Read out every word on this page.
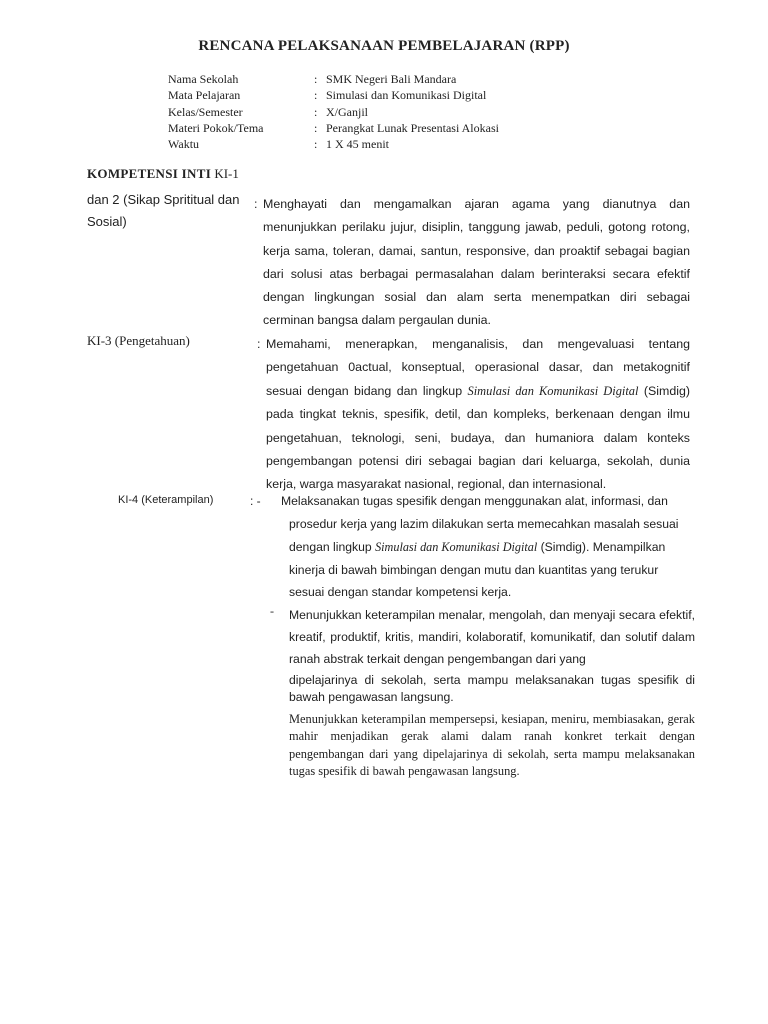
RENCANA PELAKSANAAN PEMBELAJARAN (RPP)
Nama Sekolah	: SMK Negeri Bali Mandara
Mata Pelajaran	: Simulasi dan Komunikasi Digital
Kelas/Semester	: X/Ganjil
Materi Pokok/Tema	: Perangkat Lunak Presentasi Alokasi
Waktu	: 1 X 45 menit
KOMPETENSI INTI KI-1
dan 2 (Sikap Sprititual dan Sosial)
: Menghayati dan mengamalkan ajaran agama yang dianutnya dan menunjukkan perilaku jujur, disiplin, tanggung jawab, peduli, gotong rotong, kerja sama, toleran, damai, santun, responsive, dan proaktif sebagai bagian dari solusi atas berbagai permasalahan dalam berinteraksi secara efektif dengan lingkungan sosial dan alam serta menempatkan diri sebagai cerminan bangsa dalam pergaulan dunia.
KI-3 (Pengetahuan)	: Memahami, menerapkan, menganalisis, dan mengevaluasi tentang pengetahuan 0actual, konseptual, operasional dasar, dan metakognitif sesuai dengan bidang dan lingkup Simulasi dan Komunikasi Digital (Simdig) pada tingkat teknis, spesifik, detil, dan kompleks, berkenaan dengan ilmu pengetahuan, teknologi, seni, budaya, dan humaniora dalam konteks pengembangan potensi diri sebagai bagian dari keluarga, sekolah, dunia kerja, warga masyarakat nasional, regional, dan internasional.
KI-4 (Keterampilan)	: - Melaksanakan tugas spesifik dengan menggunakan alat, informasi, dan
prosedur kerja yang lazim dilakukan serta memecahkan masalah sesuai dengan lingkup Simulasi dan Komunikasi Digital (Simdig). Menampilkan kinerja di bawah bimbingan dengan mutu dan kuantitas yang terukur sesuai dengan standar kompetensi kerja.
- Menunjukkan keterampilan menalar, mengolah, dan menyaji secara efektif, kreatif, produktif, kritis, mandiri, kolaboratif, komunikatif, dan solutif dalam ranah abstrak terkait dengan pengembangan dari yang
dipelajarinya di sekolah, serta mampu melaksanakan tugas spesifik di bawah pengawasan langsung.
Menunjukkan keterampilan mempersepsi, kesiapan, meniru, membiasakan, gerak mahir menjadikan gerak alami dalam ranah konkret terkait dengan pengembangan dari yang dipelajarinya di sekolah, serta mampu melaksanakan tugas spesifik di bawah pengawasan langsung.
